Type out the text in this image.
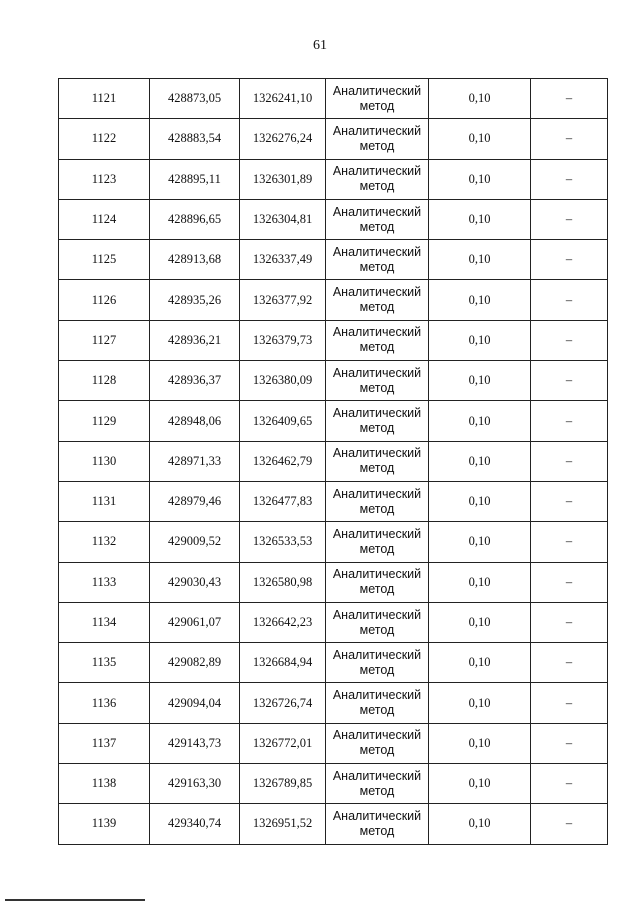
61
1121	428873,05	1326241,10	Аналитический
метод	0,10	–
1122	428883,54	1326276,24	Аналитический
метод	0,10	–
1123	428895,11	1326301,89	Аналитический
метод	0,10	–
1124	428896,65	1326304,81	Аналитический
метод	0,10	–
1125	428913,68	1326337,49	Аналитический
метод	0,10	–
1126	428935,26	1326377,92	Аналитический
метод	0,10	–
1127	428936,21	1326379,73	Аналитический
метод	0,10	–
1128	428936,37	1326380,09	Аналитический
метод	0,10	–
1129	428948,06	1326409,65	Аналитический
метод	0,10	–
1130	428971,33	1326462,79	Аналитический
метод	0,10	–
1131	428979,46	1326477,83	Аналитический
метод	0,10	–
1132	429009,52	1326533,53	Аналитический
метод	0,10	–
1133	429030,43	1326580,98	Аналитический
метод	0,10	–
1134	429061,07	1326642,23	Аналитический
метод	0,10	–
1135	429082,89	1326684,94	Аналитический
метод	0,10	–
1136	429094,04	1326726,74	Аналитический
метод	0,10	–
1137	429143,73	1326772,01	Аналитический
метод	0,10	–
1138	429163,30	1326789,85	Аналитический
метод	0,10	–
1139	429340,74	1326951,52	Аналитический
метод	0,10	–
